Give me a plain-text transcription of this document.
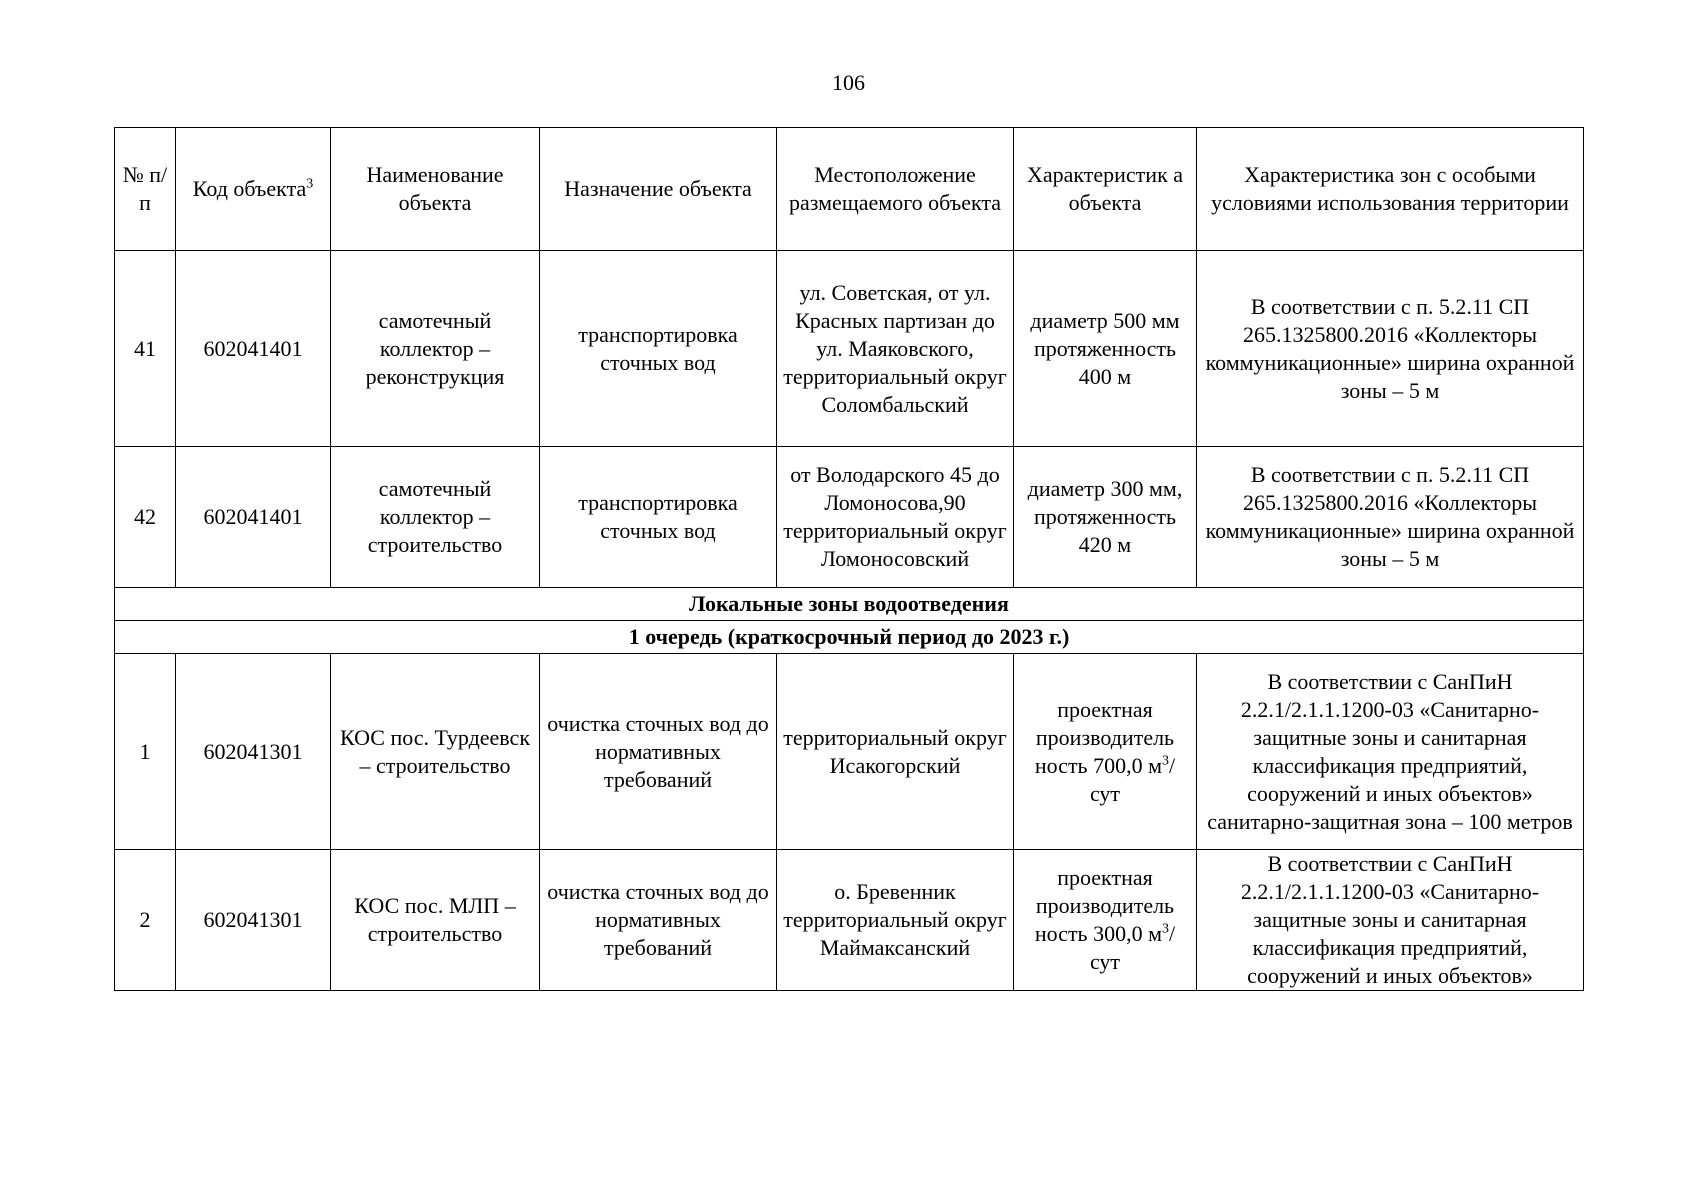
106
№ п/п	Код объекта$^3$	Наименование объекта	Назначение объекта	Местоположение размещаемого объекта	Характеристик а объекта	Характеристика зон с особыми условиями использования территории
41	602041401	самотечный коллектор – реконструкция	транспортировка сточных вод	ул. Советская, от ул. Красных партизан до ул. Маяковского, территориальный округ Соломбальский	диаметр 500 мм протяженность 400 м	В соответствии с п. 5.2.11 СП 265.1325800.2016 «Коллекторы коммуникационные» ширина охранной зоны – 5 м
42	602041401	самотечный коллектор – строительство	транспортировка сточных вод	от Володарского 45 до Ломоносова,90 территориальный округ Ломоносовский	диаметр 300 мм, протяженность 420 м	В соответствии с п. 5.2.11 СП 265.1325800.2016 «Коллекторы коммуникационные» ширина охранной зоны – 5 м
Локальные зоны водоотведения						
1 очередь (краткосрочный период до 2023 г.)						
1	602041301	КОС пос. Турдеевск – строительство	очистка сточных вод до нормативных требований	территориальный округ Исакогорский	проектная производитель ность 700,0 $м^3$/сут	В соответствии с СанПиН 2.2.1/2.1.1.1200-03 «Санитарно-защитные зоны и санитарная классификация предприятий, сооружений и иных объектов» санитарно-защитная зона – 100 метров
2	602041301	КОС пос. МЛП – строительство	очистка сточных вод до нормативных требований	о. Бревенник территориальный округ Маймаксанский	проектная производитель ность 300,0 $м^3$/сут	В соответствии с СанПиН 2.2.1/2.1.1.1200-03 «Санитарно-защитные зоны и санитарная классификация предприятий, сооружений и иных объектов»
